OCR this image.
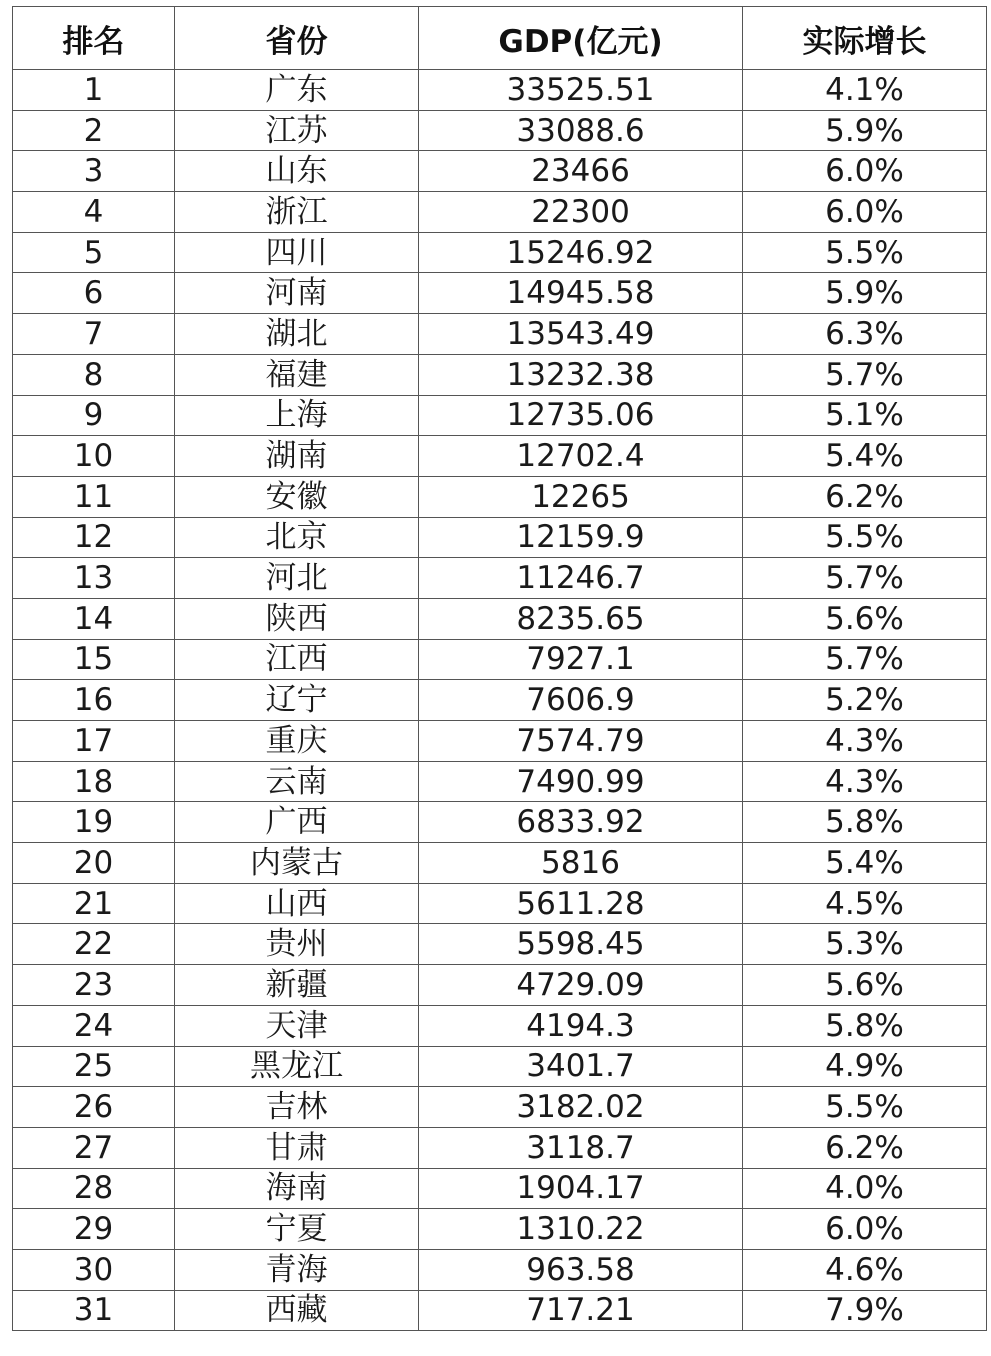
排名	省份	GDP(亿元)	实际增长
1	广东	33525.51	4.1%
2	江苏	33088.6	5.9%
3	山东	23466	6.0%
4	浙江	22300	6.0%
5	四川	15246.92	5.5%
6	河南	14945.58	5.9%
7	湖北	13543.49	6.3%
8	福建	13232.38	5.7%
9	上海	12735.06	5.1%
10	湖南	12702.4	5.4%
11	安徽	12265	6.2%
12	北京	12159.9	5.5%
13	河北	11246.7	5.7%
14	陕西	8235.65	5.6%
15	江西	7927.1	5.7%
16	辽宁	7606.9	5.2%
17	重庆	7574.79	4.3%
18	云南	7490.99	4.3%
19	广西	6833.92	5.8%
20	内蒙古	5816	5.4%
21	山西	5611.28	4.5%
22	贵州	5598.45	5.3%
23	新疆	4729.09	5.6%
24	天津	4194.3	5.8%
25	黑龙江	3401.7	4.9%
26	吉林	3182.02	5.5%
27	甘肃	3118.7	6.2%
28	海南	1904.17	4.0%
29	宁夏	1310.22	6.0%
30	青海	963.58	4.6%
31	西藏	717.21	7.9%
